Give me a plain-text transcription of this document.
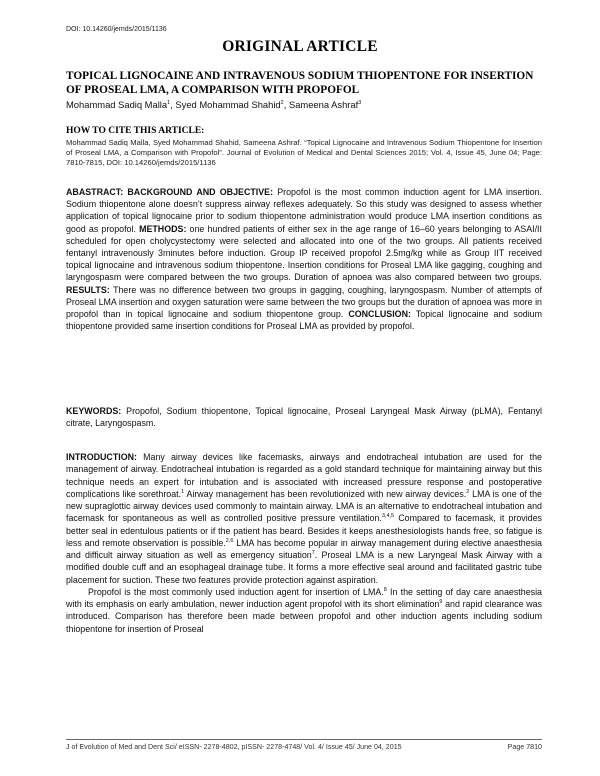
DOI: 10.14260/jemds/2015/1136
ORIGINAL ARTICLE
TOPICAL LIGNOCAINE AND INTRAVENOUS SODIUM THIOPENTONE FOR INSERTION OF PROSEAL LMA, A COMPARISON WITH PROPOFOL
Mohammad Sadiq Malla$^1$, Syed Mohammad Shahid$^2$, Sameena Ashraf$^3$
HOW TO CITE THIS ARTICLE:
Mohammad Sadiq Malla, Syed Mohammad Shahid, Sameena Ashraf. “Topical Lignocaine and Intravenous Sodium Thiopentone for Insertion of Proseal LMA, a Comparison with Propofol”. Journal of Evolution of Medical and Dental Sciences 2015; Vol. 4, Issue 45, June 04; Page: 7810-7815, DOI: 10.14260/jemds/2015/1136
ABASTRACT: BACKGROUND AND OBJECTIVE: Propofol is the most common induction agent for LMA insertion. Sodium thiopentone alone doesn’t suppress airway reflexes adequately. So this study was designed to assess whether application of topical lignocaine prior to sodium thiopentone administration would produce LMA insertion conditions as good as propofol. METHODS: one hundred patients of either sex in the age range of 16–60 years belonging to ASAI/II scheduled for open cholycystectomy were selected and allocated into one of the two groups. All patients received fentanyl intravenously 3minutes before induction. Group IP received propofol 2.5mg/kg while as Group IIT received topical lignocaine and intravenous sodium thiopentone. Insertion conditions for Proseal LMA like gagging, coughing and laryngospasm were compared between the two groups. Duration of apnoea was also compared between two groups. RESULTS: There was no difference between two groups in gagging, coughing, laryngospasm. Number of attempts of Proseal LMA insertion and oxygen saturation were same between the two groups but the duration of apnoea was more in propofol than in topical lignocaine and sodium thiopentone group. CONCLUSION: Topical lignocaine and sodium thiopentone provided same insertion conditions for Proseal LMA as provided by propofol.
KEYWORDS: Propofol, Sodium thiopentone, Topical lignocaine, Proseal Laryngeal Mask Airway (pLMA), Fentanyl citrate, Laryngospasm.

INTRODUCTION: Many airway devices like facemasks, airways and endotracheal intubation are used for the management of airway. Endotracheal intubation is regarded as a gold standard technique for maintaining airway but this technique needs an expert for intubation and is associated with increased pressure response and postoperative complications like sorethroat.$^1$ Airway management has been revolutionized with new airway devices.$^2$ LMA is one of the new supraglottic airway devices used commonly to maintain airway. LMA is an alternative to endotracheal intubation and facemask for spontaneous as well as controlled positive pressure ventilation.$^{3,4,5}$ Compared to facemask, it provides better seal in edentulous patients or if the patient has beard. Besides it keeps anesthesiologists hands free, so fatigue is less and remote observation is possible.$^{2,6}$ LMA has become popular in airway management during elective anaesthesia and difficult airway situation as well as emergency situation$^7$. Proseal LMA is a new Laryngeal Mask Airway with a modified double cuff and an esophageal drainage tube. It forms a more effective seal around and facilitated gastric tube placement for suction. These two features provide protection against aspiration.

Propofol is the most commonly used induction agent for insertion of LMA.$^8$ In the setting of day care anaesthesia with its emphasis on early ambulation, newer induction agent propofol with its short elimination$^9$ and rapid clearance was introduced. Comparison has therefore been made between propofol and other induction agents including sodium thiopentone for insertion of Proseal

J of Evolution of Med and Dent Sci/ eISSN- 2278-4802, pISSN- 2278-4748/ Vol. 4/ Issue 45/ June 04, 2015	Page 7810
